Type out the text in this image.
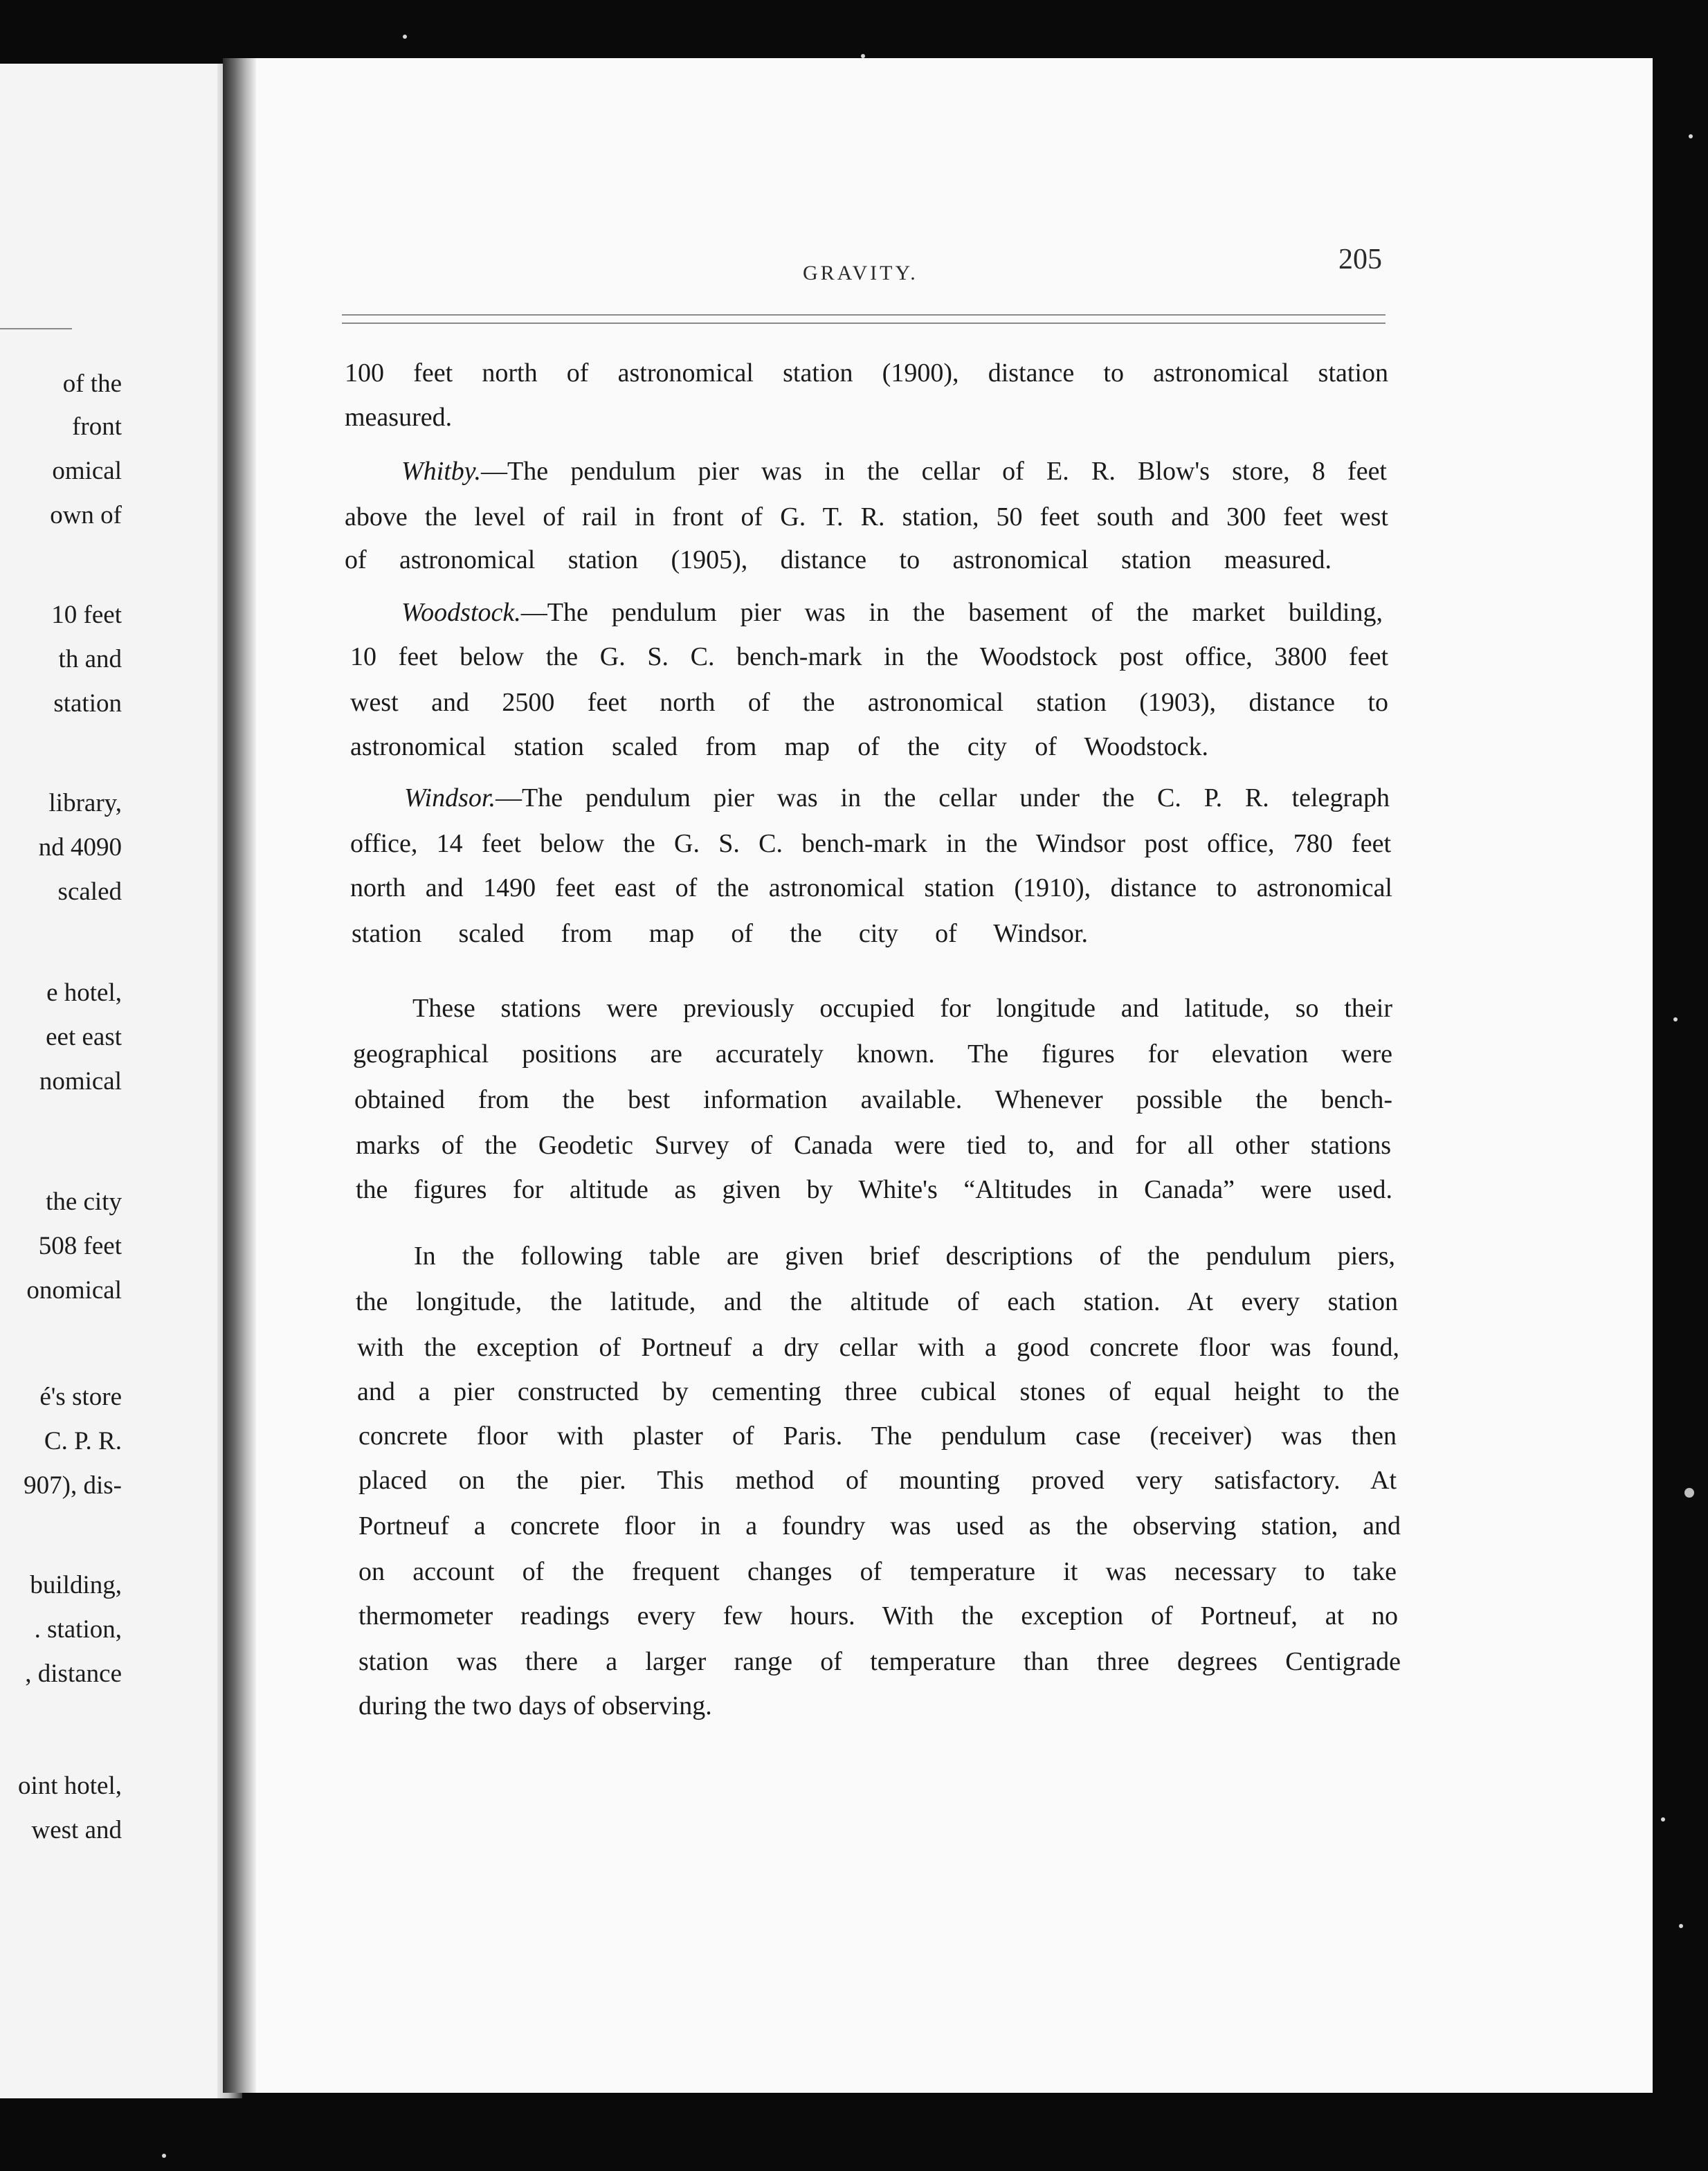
of the
front
omical
own of
10 feet
th and
station
library,
nd 4090
scaled
e hotel,
eet east
nomical
the city
508 feet
onomical
é's store
C. P. R.
907), dis-
building,
. station,
, distance
oint hotel,
west and
GRAVITY.	205
100 feet north of astronomical station (1900), distance to astronomical station
measured.
Whitby.—The pendulum pier was in the cellar of E. R. Blow's store, 8 feet
above the level of rail in front of G. T. R. station, 50 feet south and 300 feet west
of astronomical station (1905), distance to astronomical station measured.
Woodstock.—The pendulum pier was in the basement of the market building,
10 feet below the G. S. C. bench-mark in the Woodstock post office, 3800 feet
west and 2500 feet north of the astronomical station (1903), distance to
astronomical station scaled from map of the city of Woodstock.
Windsor.—The pendulum pier was in the cellar under the C. P. R. telegraph
office, 14 feet below the G. S. C. bench-mark in the Windsor post office, 780 feet
north and 1490 feet east of the astronomical station (1910), distance to astronomical
station scaled from map of the city of Windsor.
These stations were previously occupied for longitude and latitude, so their
geographical positions are accurately known. The figures for elevation were
obtained from the best information available. Whenever possible the bench-
marks of the Geodetic Survey of Canada were tied to, and for all other stations
the figures for altitude as given by White's “Altitudes in Canada” were used.
In the following table are given brief descriptions of the pendulum piers,
the longitude, the latitude, and the altitude of each station. At every station
with the exception of Portneuf a dry cellar with a good concrete floor was found,
and a pier constructed by cementing three cubical stones of equal height to the
concrete floor with plaster of Paris. The pendulum case (receiver) was then
placed on the pier. This method of mounting proved very satisfactory. At
Portneuf a concrete floor in a foundry was used as the observing station, and
on account of the frequent changes of temperature it was necessary to take
thermometer readings every few hours. With the exception of Portneuf, at no
station was there a larger range of temperature than three degrees Centigrade
during the two days of observing.
